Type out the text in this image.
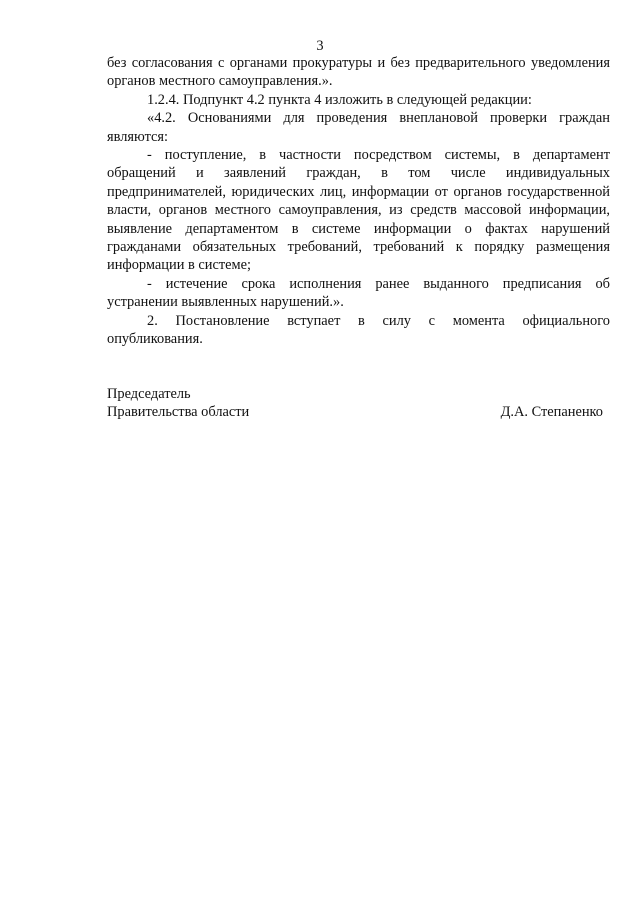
3

без согласования с органами прокуратуры и без предварительного уведомления органов местного самоуправления.».

1.2.4. Подпункт 4.2 пункта 4 изложить в следующей редакции:

«4.2. Основаниями для проведения внеплановой проверки граждан являются:

- поступление, в частности посредством системы, в департамент обращений и заявлений граждан, в том числе индивидуальных предпринимателей, юридических лиц, информации от органов государственной власти, органов местного самоуправления, из средств массовой информации, выявление департаментом в системе информации о фактах нарушений гражданами обязательных требований, требований к порядку размещения информации в системе;

- истечение срока исполнения ранее выданного предписания об устранении выявленных нарушений.».

2. Постановление вступает в силу с момента официального опубликования.

Председатель
Правительства области	Д.А. Степаненко
